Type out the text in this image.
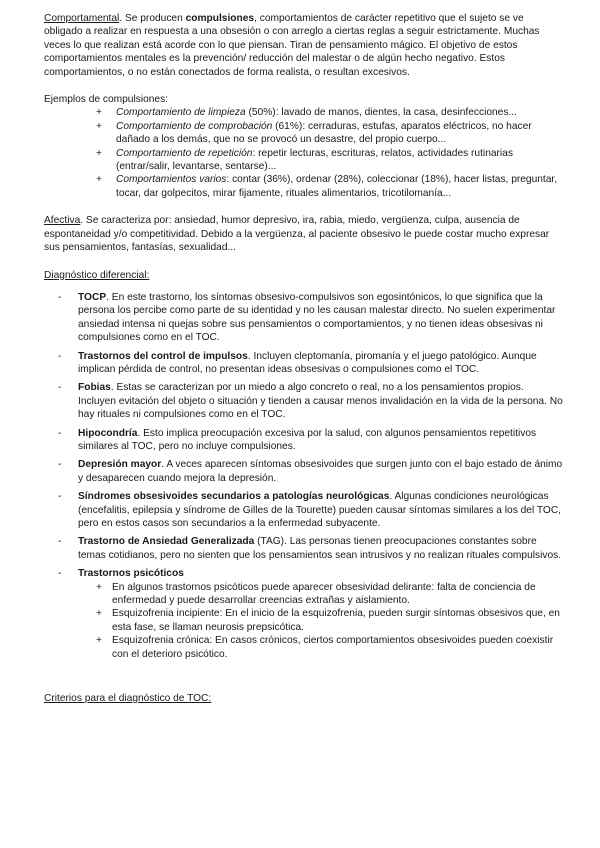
Comportamental. Se producen compulsiones, comportamientos de carácter repetitivo que el sujeto se ve obligado a realizar en respuesta a una obsesión o con arreglo a ciertas reglas a seguir estrictamente. Muchas veces lo que realizan está acorde con lo que piensan. Tiran de pensamiento mágico. El objetivo de estos comportamientos mentales es la prevención/ reducción del malestar o de algún hecho negativo. Estos comportamientos, o no están conectados de forma realista, o resultan excesivos.

Ejemplos de compulsiones:

+ Comportamiento de limpieza (50%): lavado de manos, dientes, la casa, desinfecciones...
+ Comportamiento de comprobación (61%): cerraduras, estufas, aparatos eléctricos, no hacer dañado a los demás, que no se provocó un desastre, del propio cuerpo...
+ Comportamiento de repetición: repetir lecturas, escrituras, relatos, actividades rutinarias (entrar/salir, levantarse, sentarse)...
+ Comportamientos varios: contar (36%), ordenar (28%), coleccionar (18%), hacer listas, preguntar, tocar, dar golpecitos, mirar fijamente, rituales alimentarios, tricotilomanía...

Afectiva. Se caracteriza por: ansiedad, humor depresivo, ira, rabia, miedo, vergüenza, culpa, ausencia de espontaneidad y/o competitividad. Debido a la vergüenza, al paciente obsesivo le puede costar mucho expresar sus pensamientos, fantasías, sexualidad...

Diagnóstico diferencial:

- TOCP. En este trastorno, los síntomas obsesivo-compulsivos son egosintónicos, lo que significa que la persona los percibe como parte de su identidad y no les causan malestar directo. No suelen experimentar ansiedad intensa ni quejas sobre sus pensamientos o comportamientos, y no tienen ideas obsesivas ni compulsiones como en el TOC.
- Trastornos del control de impulsos. Incluyen cleptomanía, piromanía y el juego patológico. Aunque implican pérdida de control, no presentan ideas obsesivas o compulsiones como el TOC.
- Fobias. Estas se caracterizan por un miedo a algo concreto o real, no a los pensamientos propios. Incluyen evitación del objeto o situación y tienden a causar menos invalidación en la vida de la persona. No hay rituales ni compulsiones como en el TOC.
- Hipocondría. Esto implica preocupación excesiva por la salud, con algunos pensamientos repetitivos similares al TOC, pero no incluye compulsiones.
- Depresión mayor. A veces aparecen síntomas obsesivoides que surgen junto con el bajo estado de ánimo y desaparecen cuando mejora la depresión.
- Síndromes obsesivoides secundarios a patologías neurológicas. Algunas condiciones neurológicas (encefalitis, epilepsia y síndrome de Gilles de la Tourette) pueden causar síntomas similares a los del TOC, pero en estos casos son secundarios a la enfermedad subyacente.
- Trastorno de Ansiedad Generalizada (TAG). Las personas tienen preocupaciones constantes sobre temas cotidianos, pero no sienten que los pensamientos sean intrusivos y no realizan rituales compulsivos.
- Trastornos psicóticos
+ En algunos trastornos psicóticos puede aparecer obsesividad delirante: falta de conciencia de enfermedad y puede desarrollar creencias extrañas y aislamiento.
+ Esquizofrenia incipiente: En el inicio de la esquizofrenia, pueden surgir síntomas obsesivos que, en esta fase, se llaman neurosis prepsicótica.
+ Esquizofrenia crónica: En casos crónicos, ciertos comportamientos obsesivoides pueden coexistir con el deterioro psicótico.

Criterios para el diagnóstico de TOC:
